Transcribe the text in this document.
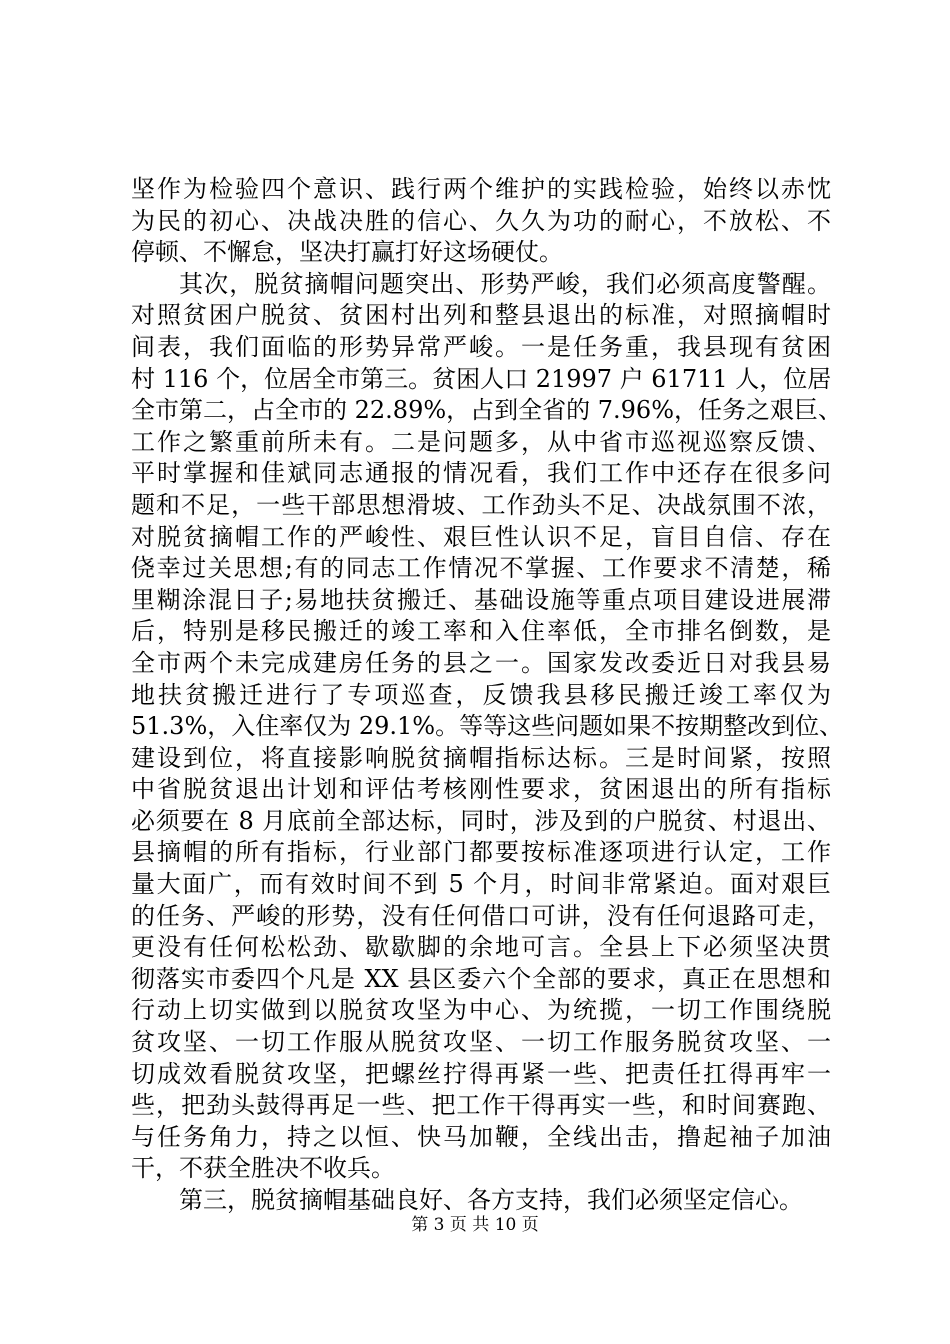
坚作为检验四个意识、践行两个维护的实践检验，始终以赤忱
为民的初心、决战决胜的信心、久久为功的耐心，不放松、不
停顿、不懈怠，坚决打赢打好这场硬仗。
其次，脱贫摘帽问题突出、形势严峻，我们必须高度警醒。
对照贫困户脱贫、贫困村出列和整县退出的标准，对照摘帽时
间表，我们面临的形势异常严峻。一是任务重，我县现有贫困
村 116 个，位居全市第三。贫困人口 21997 户 61711 人，位居
全市第二，占全市的 22.89%，占到全省的 7.96%，任务之艰巨、
工作之繁重前所未有。二是问题多，从中省市巡视巡察反馈、
平时掌握和佳斌同志通报的情况看，我们工作中还存在很多问
题和不足，一些干部思想滑坡、工作劲头不足、决战氛围不浓，
对脱贫摘帽工作的严峻性、艰巨性认识不足，盲目自信、存在
侥幸过关思想;有的同志工作情况不掌握、工作要求不清楚，稀
里糊涂混日子;易地扶贫搬迁、基础设施等重点项目建设进展滞
后，特别是移民搬迁的竣工率和入住率低，全市排名倒数，是
全市两个未完成建房任务的县之一。国家发改委近日对我县易
地扶贫搬迁进行了专项巡查，反馈我县移民搬迁竣工率仅为
51.3%，入住率仅为 29.1%。等等这些问题如果不按期整改到位、
建设到位，将直接影响脱贫摘帽指标达标。三是时间紧，按照
中省脱贫退出计划和评估考核刚性要求，贫困退出的所有指标
必须要在 8 月底前全部达标，同时，涉及到的户脱贫、村退出、
县摘帽的所有指标，行业部门都要按标准逐项进行认定，工作
量大面广，而有效时间不到 5 个月，时间非常紧迫。面对艰巨
的任务、严峻的形势，没有任何借口可讲，没有任何退路可走，
更没有任何松松劲、歇歇脚的余地可言。全县上下必须坚决贯
彻落实市委四个凡是 XX 县区委六个全部的要求，真正在思想和
行动上切实做到以脱贫攻坚为中心、为统揽，一切工作围绕脱
贫攻坚、一切工作服从脱贫攻坚、一切工作服务脱贫攻坚、一
切成效看脱贫攻坚，把螺丝拧得再紧一些、把责任扛得再牢一
些，把劲头鼓得再足一些、把工作干得再实一些，和时间赛跑、
与任务角力，持之以恒、快马加鞭，全线出击，撸起袖子加油
干，不获全胜决不收兵。
第三，脱贫摘帽基础良好、各方支持，我们必须坚定信心。
第 3 页 共 10 页
